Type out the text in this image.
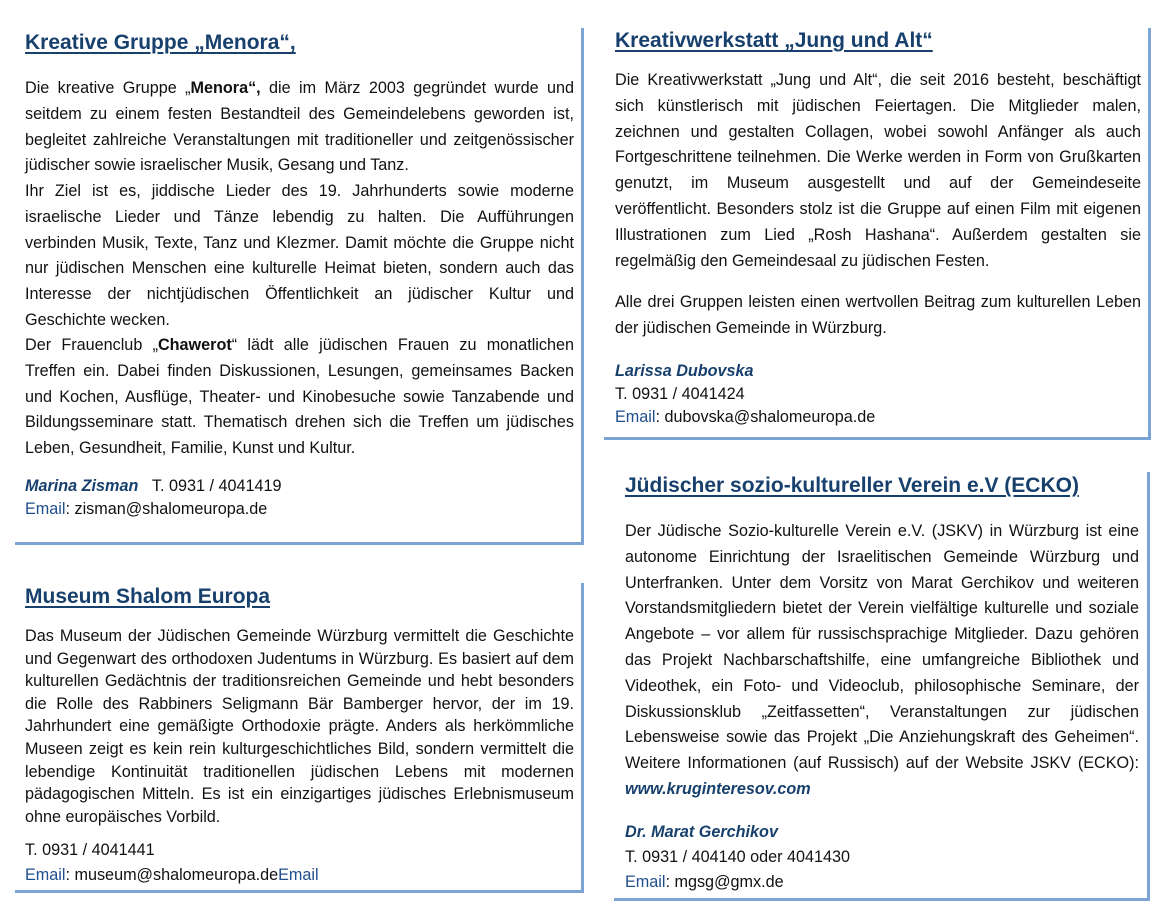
Kreative Gruppe „Menora“,

Die kreative Gruppe „Menora“, die im März 2003 gegründet wurde und seitdem zu einem festen Bestandteil des Gemeindelebens geworden ist, begleitet zahlreiche Veranstaltungen mit traditioneller und zeitgenössischer jüdischer sowie israelischer Musik, Gesang und Tanz.

Ihr Ziel ist es, jiddische Lieder des 19. Jahrhunderts sowie moderne israelische Lieder und Tänze lebendig zu halten. Die Aufführungen verbinden Musik, Texte, Tanz und Klezmer. Damit möchte die Gruppe nicht nur jüdischen Menschen eine kulturelle Heimat bieten, sondern auch das Interesse der nichtjüdischen Öffentlichkeit an jüdischer Kultur und Geschichte wecken.

Der Frauenclub „Chawerot“ lädt alle jüdischen Frauen zu monatlichen Treffen ein. Dabei finden Diskussionen, Lesungen, gemeinsames Backen und Kochen, Ausflüge, Theater- und Kinobesuche sowie Tanzabende und Bildungsseminare statt. Thematisch drehen sich die Treffen um jüdisches Leben, Gesundheit, Familie, Kunst und Kultur.

Marina Zisman T. 0931 / 4041419
Email: zisman@shalomeuropa.de
Museum Shalom Europa

Das Museum der Jüdischen Gemeinde Würzburg vermittelt die Geschichte und Gegenwart des orthodoxen Judentums in Würzburg. Es basiert auf dem kulturellen Gedächtnis der traditionsreichen Gemeinde und hebt besonders die Rolle des Rabbiners Seligmann Bär Bamberger hervor, der im 19. Jahrhundert eine gemäßigte Orthodoxie prägte. Anders als herkömmliche Museen zeigt es kein rein kulturgeschichtliches Bild, sondern vermittelt die lebendige Kontinuität traditionellen jüdischen Lebens mit modernen pädagogischen Mitteln. Es ist ein einzigartiges jüdisches Erlebnismuseum ohne europäisches Vorbild.

T. 0931 / 4041441
Email: museum@shalomeuropa.deEmail
Kreativwerkstatt „Jung und Alt“

Die Kreativwerkstatt „Jung und Alt“, die seit 2016 besteht, beschäftigt sich künstlerisch mit jüdischen Feiertagen. Die Mitglieder malen, zeichnen und gestalten Collagen, wobei sowohl Anfänger als auch Fortgeschrittene teilnehmen. Die Werke werden in Form von Grußkarten genutzt, im Museum ausgestellt und auf der Gemeindeseite veröffentlicht. Besonders stolz ist die Gruppe auf einen Film mit eigenen Illustrationen zum Lied „Rosh Hashana“. Außerdem gestalten sie regelmäßig den Gemeindesaal zu jüdischen Festen.

Alle drei Gruppen leisten einen wertvollen Beitrag zum kulturellen Leben der jüdischen Gemeinde in Würzburg.

Larissa Dubovska
T. 0931 / 4041424
Email: dubovska@shalomeuropa.de
Jüdischer sozio-kultureller Verein e.V (ECKO)

Der Jüdische Sozio-kulturelle Verein e.V. (JSKV) in Würzburg ist eine autonome Einrichtung der Israelitischen Gemeinde Würzburg und Unterfranken. Unter dem Vorsitz von Marat Gerchikov und weiteren Vorstandsmitgliedern bietet der Verein vielfältige kulturelle und soziale Angebote – vor allem für russischsprachige Mitglieder. Dazu gehören das Projekt Nachbarschaftshilfe, eine umfangreiche Bibliothek und Videothek, ein Foto- und Videoclub, philosophische Seminare, der Diskussionsklub „Zeitfassetten“, Veranstaltungen zur jüdischen Lebensweise sowie das Projekt „Die Anziehungskraft des Geheimen“. Weitere Informationen (auf Russisch) auf der Website JSKV (ECKO): www.kruginteresov.com

Dr. Marat Gerchikov
T. 0931 / 404140 oder 4041430
Email: mgsg@gmx.de
